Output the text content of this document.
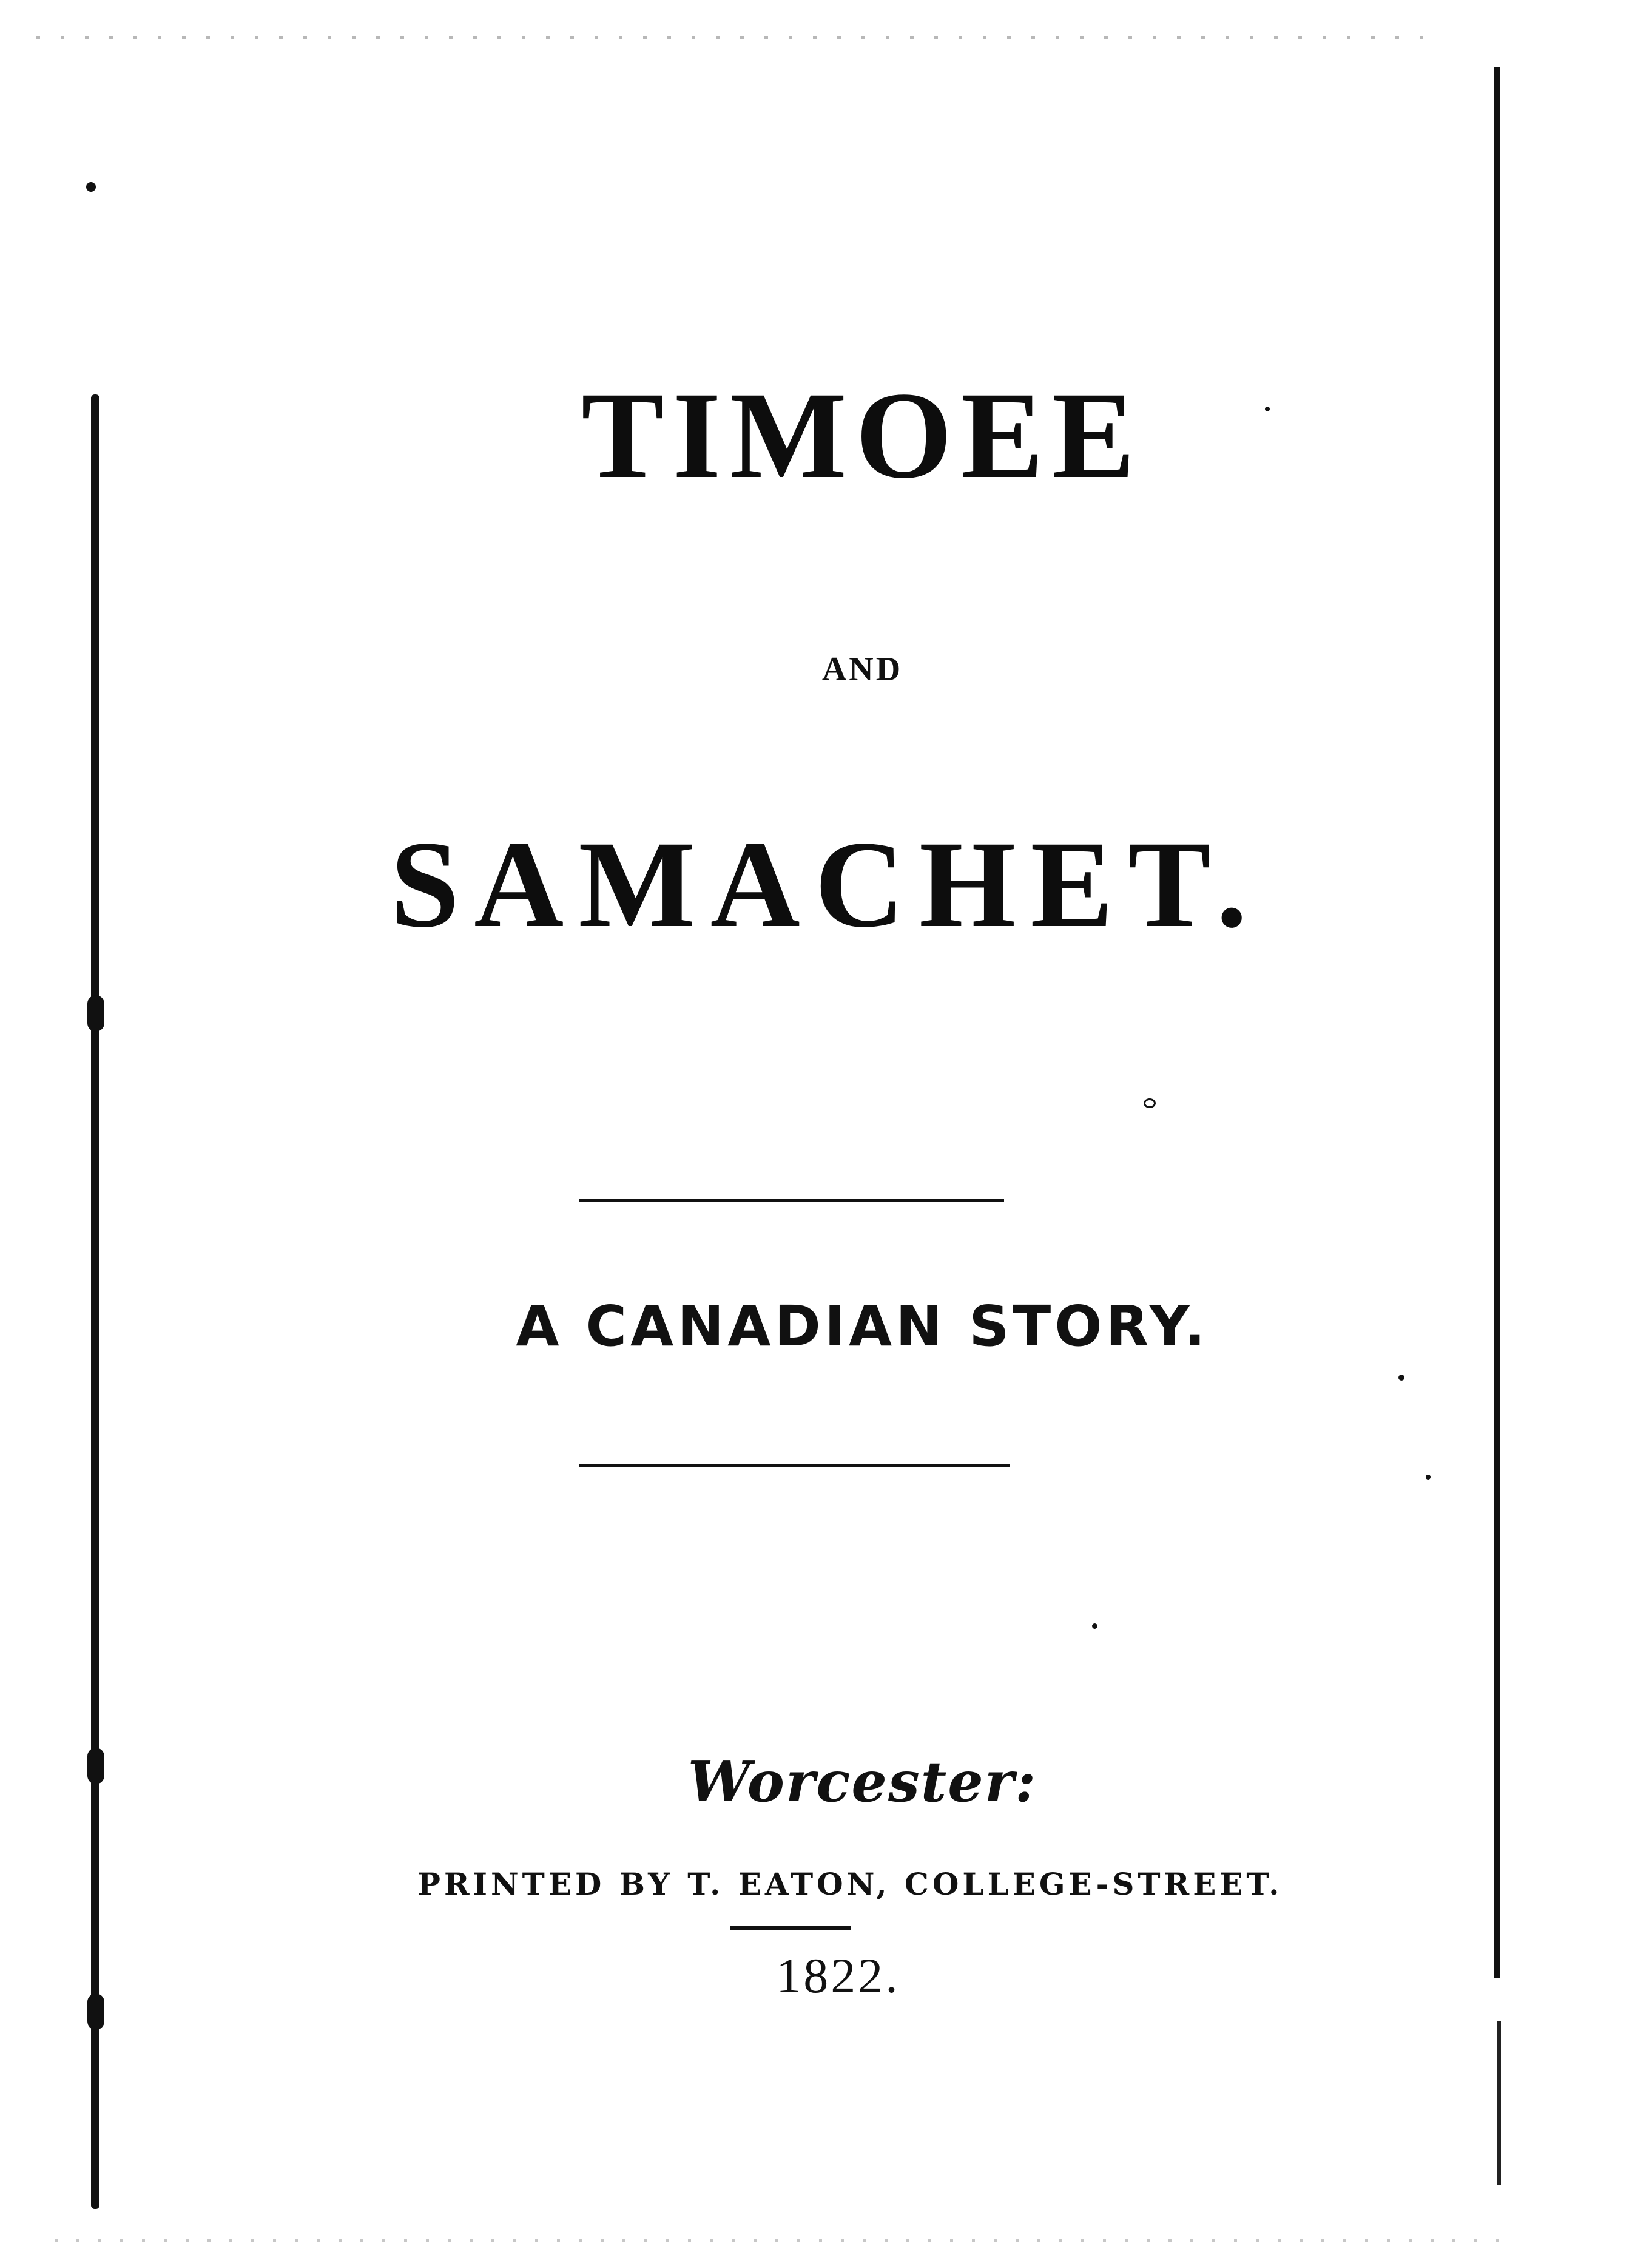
TIMOEE
AND
SAMACHET.
A CANADIAN STORY.
Worcester:
PRINTED BY T. EATON, COLLEGE-STREET.
1822.
